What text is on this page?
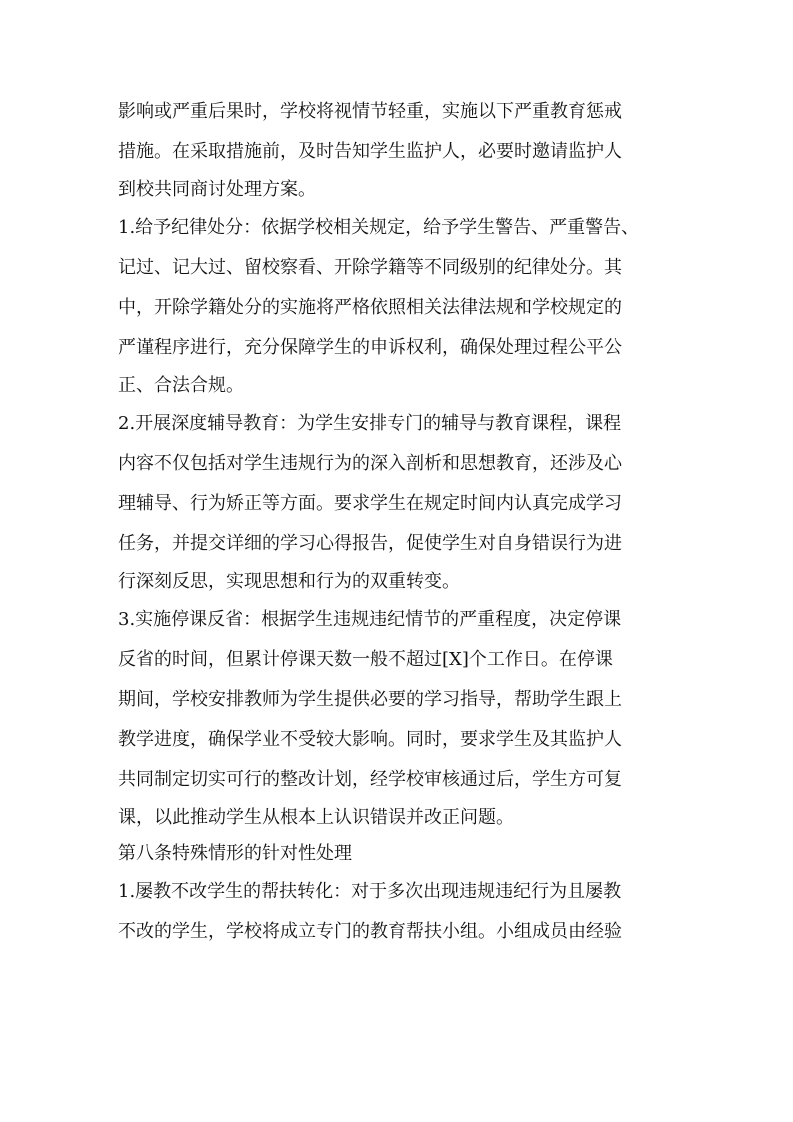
影响或严重后果时，学校将视情节轻重，实施以下严重教育惩戒
措施。在采取措施前，及时告知学生监护人，必要时邀请监护人
到校共同商讨处理方案。
1.给予纪律处分：依据学校相关规定，给予学生警告、严重警告、
记过、记大过、留校察看、开除学籍等不同级别的纪律处分。其
中，开除学籍处分的实施将严格依照相关法律法规和学校规定的
严谨程序进行，充分保障学生的申诉权利，确保处理过程公平公
正、合法合规。
2.开展深度辅导教育：为学生安排专门的辅导与教育课程，课程
内容不仅包括对学生违规行为的深入剖析和思想教育，还涉及心
理辅导、行为矫正等方面。要求学生在规定时间内认真完成学习
任务，并提交详细的学习心得报告，促使学生对自身错误行为进
行深刻反思，实现思想和行为的双重转变。
3.实施停课反省：根据学生违规违纪情节的严重程度，决定停课
反省的时间，但累计停课天数一般不超过[X]个工作日。在停课
期间，学校安排教师为学生提供必要的学习指导，帮助学生跟上
教学进度，确保学业不受较大影响。同时，要求学生及其监护人
共同制定切实可行的整改计划，经学校审核通过后，学生方可复
课，以此推动学生从根本上认识错误并改正问题。
第八条特殊情形的针对性处理
1.屡教不改学生的帮扶转化：对于多次出现违规违纪行为且屡教
不改的学生，学校将成立专门的教育帮扶小组。小组成员由经验
